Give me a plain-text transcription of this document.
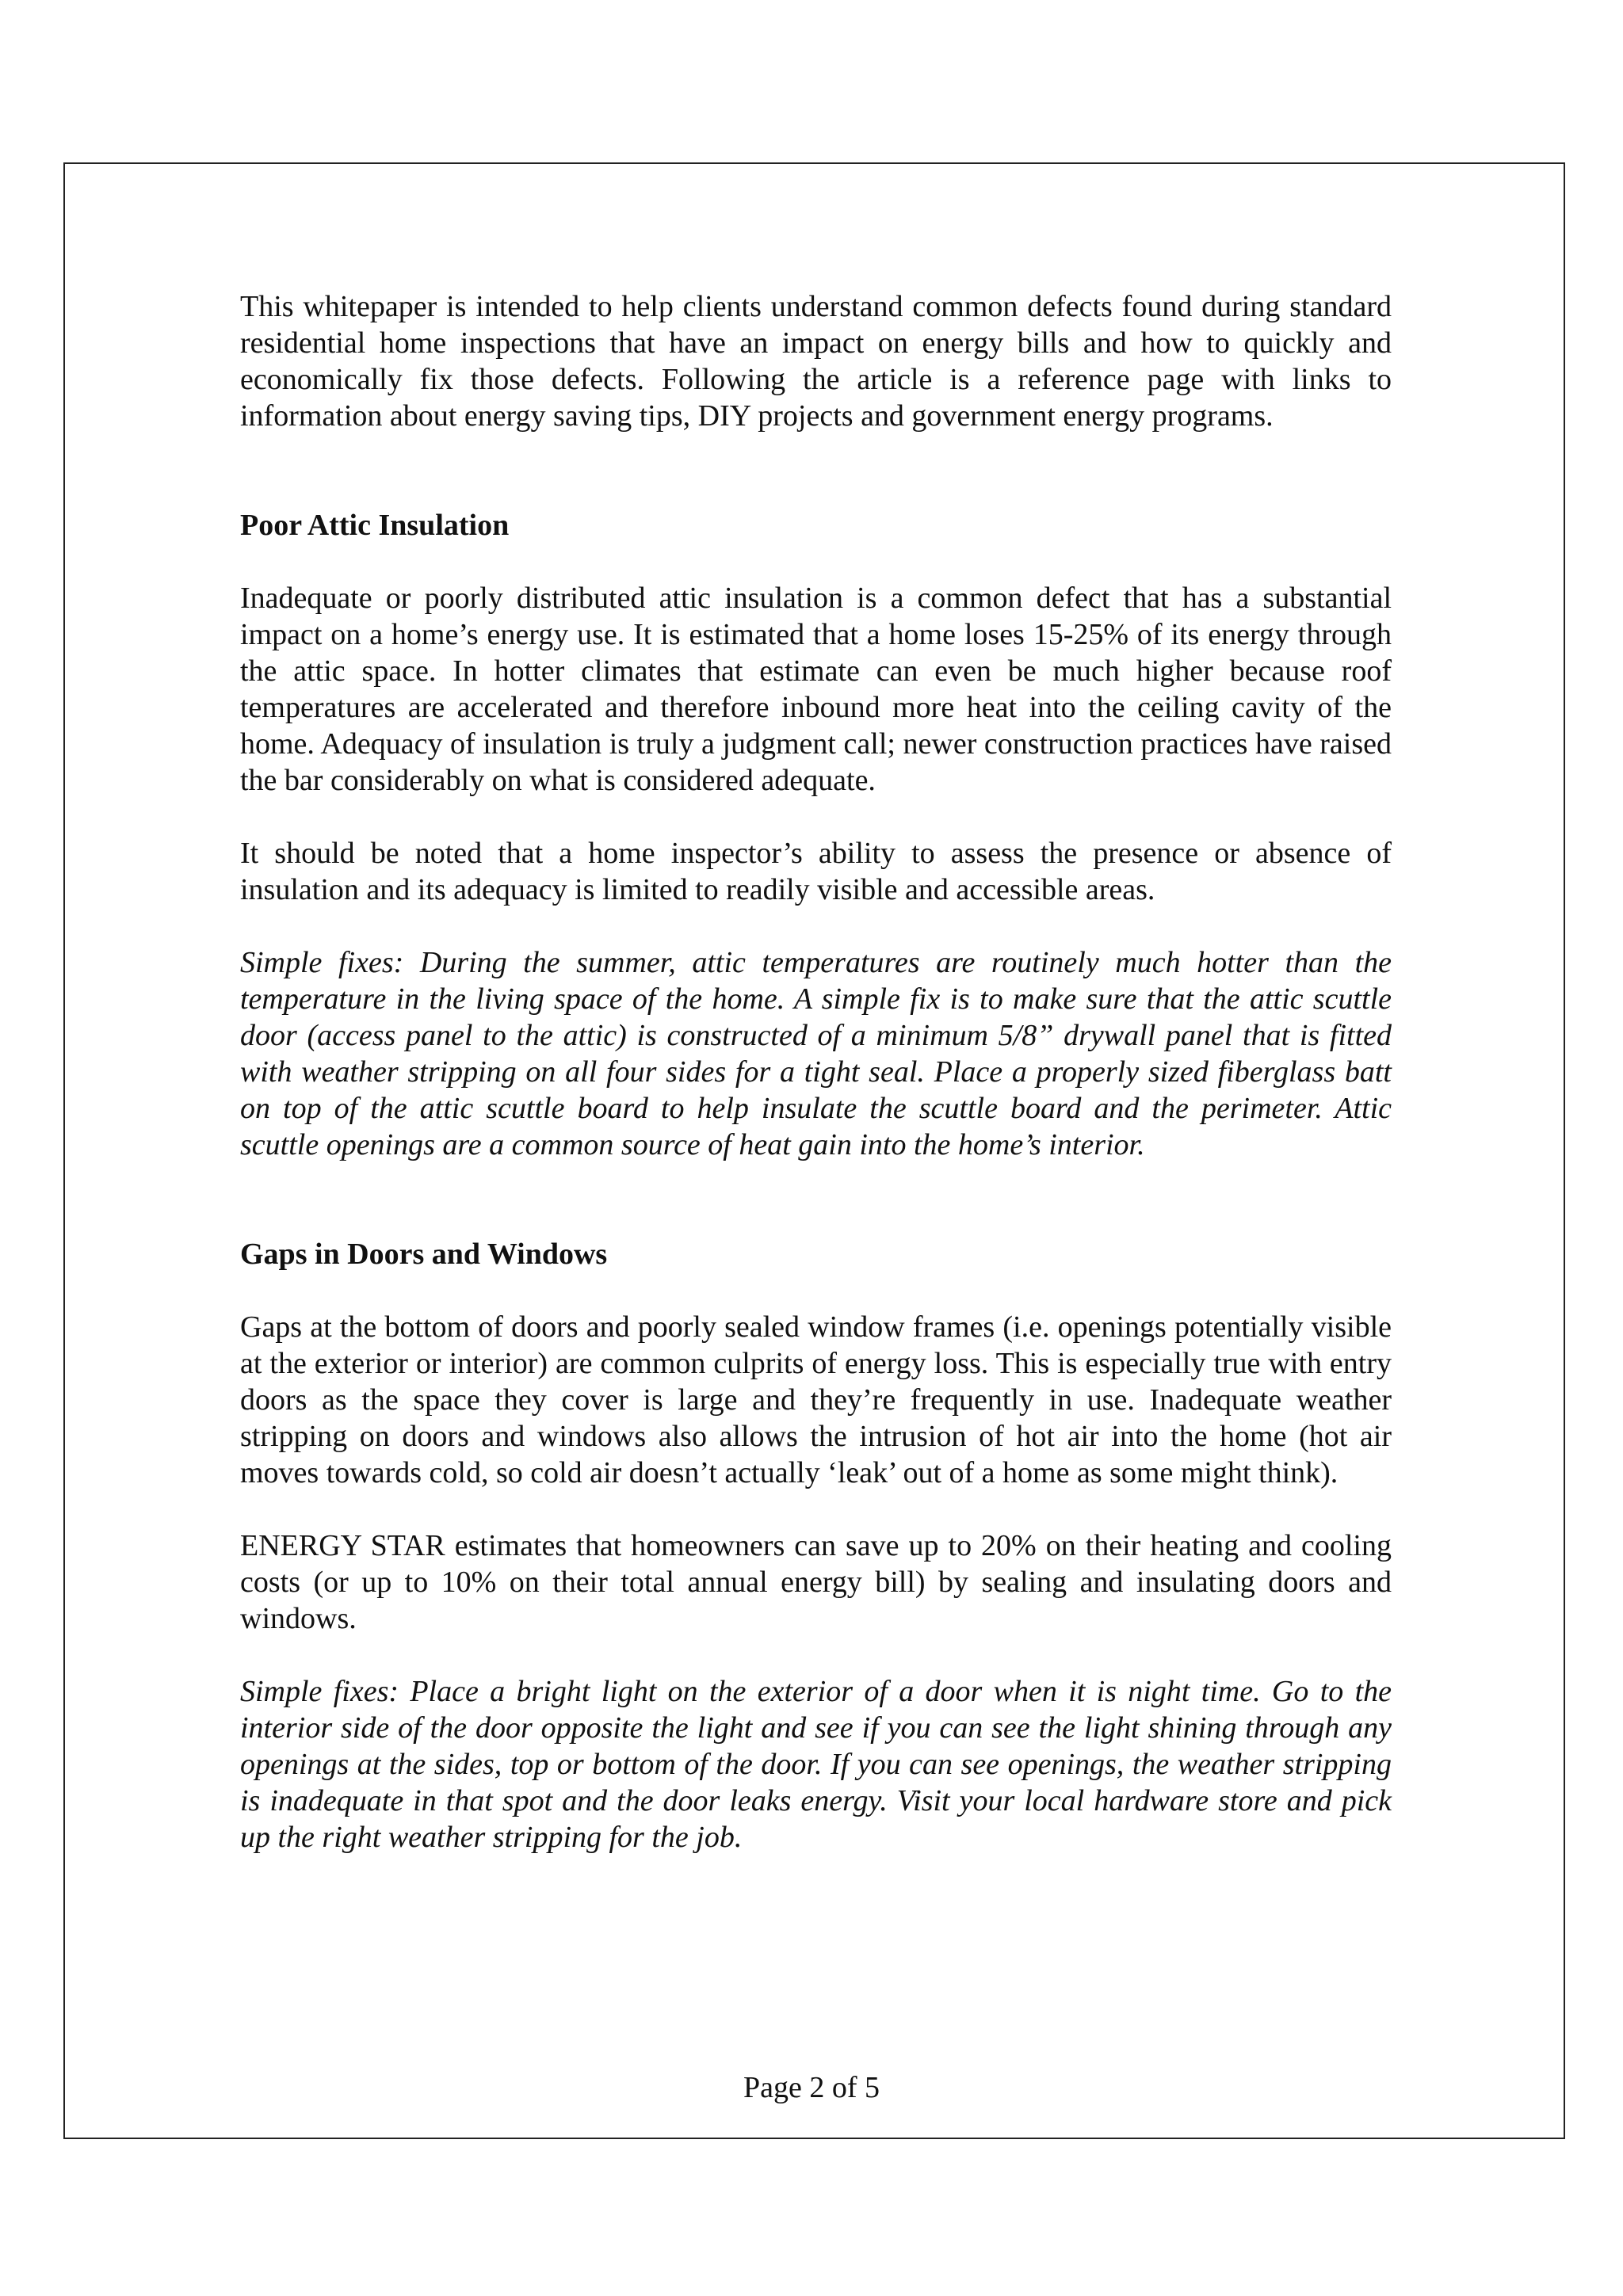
This whitepaper is intended to help clients understand common defects found during standard residential home inspections that have an impact on energy bills and how to quickly and economically fix those defects. Following the article is a reference page with links to information about energy saving tips, DIY projects and government energy programs.

Poor Attic Insulation

Inadequate or poorly distributed attic insulation is a common defect that has a substantial impact on a home’s energy use. It is estimated that a home loses 15-25% of its energy through the attic space. In hotter climates that estimate can even be much higher because roof temperatures are accelerated and therefore inbound more heat into the ceiling cavity of the home. Adequacy of insulation is truly a judgment call; newer construction practices have raised the bar considerably on what is considered adequate.

It should be noted that a home inspector’s ability to assess the presence or absence of insulation and its adequacy is limited to readily visible and accessible areas.

Simple fixes: During the summer, attic temperatures are routinely much hotter than the temperature in the living space of the home. A simple fix is to make sure that the attic scuttle door (access panel to the attic) is constructed of a minimum 5/8” drywall panel that is fitted with weather stripping on all four sides for a tight seal. Place a properly sized fiberglass batt on top of the attic scuttle board to help insulate the scuttle board and the perimeter. Attic scuttle openings are a common source of heat gain into the home’s interior.

Gaps in Doors and Windows

Gaps at the bottom of doors and poorly sealed window frames (i.e. openings potentially visible at the exterior or interior) are common culprits of energy loss. This is especially true with entry doors as the space they cover is large and they’re frequently in use. Inadequate weather stripping on doors and windows also allows the intrusion of hot air into the home (hot air moves towards cold, so cold air doesn’t actually ‘leak’ out of a home as some might think).

ENERGY STAR estimates that homeowners can save up to 20% on their heating and cooling costs (or up to 10% on their total annual energy bill) by sealing and insulating doors and windows.

Simple fixes: Place a bright light on the exterior of a door when it is night time. Go to the interior side of the door opposite the light and see if you can see the light shining through any openings at the sides, top or bottom of the door. If you can see openings, the weather stripping is inadequate in that spot and the door leaks energy. Visit your local hardware store and pick up the right weather stripping for the job.

Page 2 of 5
